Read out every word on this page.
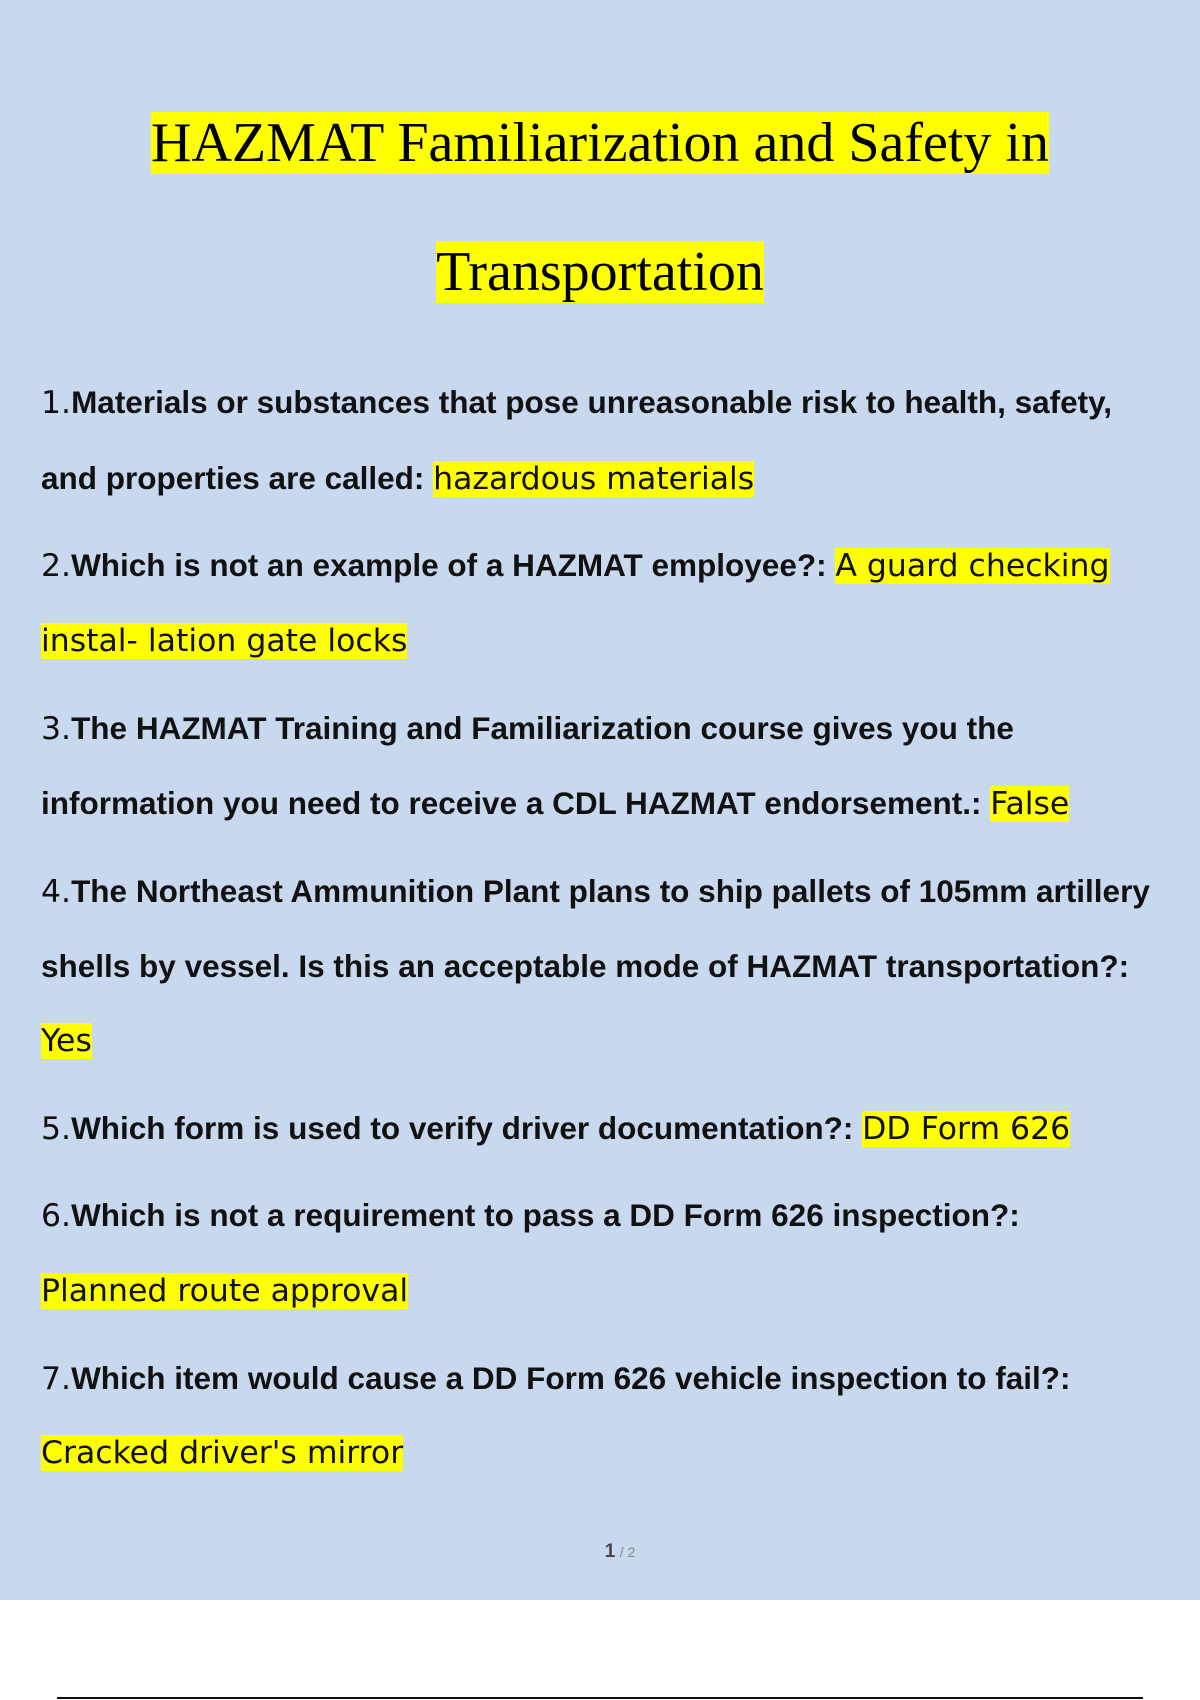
HAZMAT Familiarization and Safety in
Transportation
1.Materials or substances that pose unreasonable risk to health, safety,
and properties are called: hazardous materials
2.Which is not an example of a HAZMAT employee?: A guard checking
instal- lation gate locks
3.The HAZMAT Training and Familiarization course gives you the
information you need to receive a CDL HAZMAT endorsement.: False
4.The Northeast Ammunition Plant plans to ship pallets of 105mm artillery
shells by vessel. Is this an acceptable mode of HAZMAT transportation?:
Yes
5.Which form is used to verify driver documentation?: DD Form 626
6.Which is not a requirement to pass a DD Form 626 inspection?:
Planned route approval
7.Which item would cause a DD Form 626 vehicle inspection to fail?:
Cracked driver's mirror
1 / 2
